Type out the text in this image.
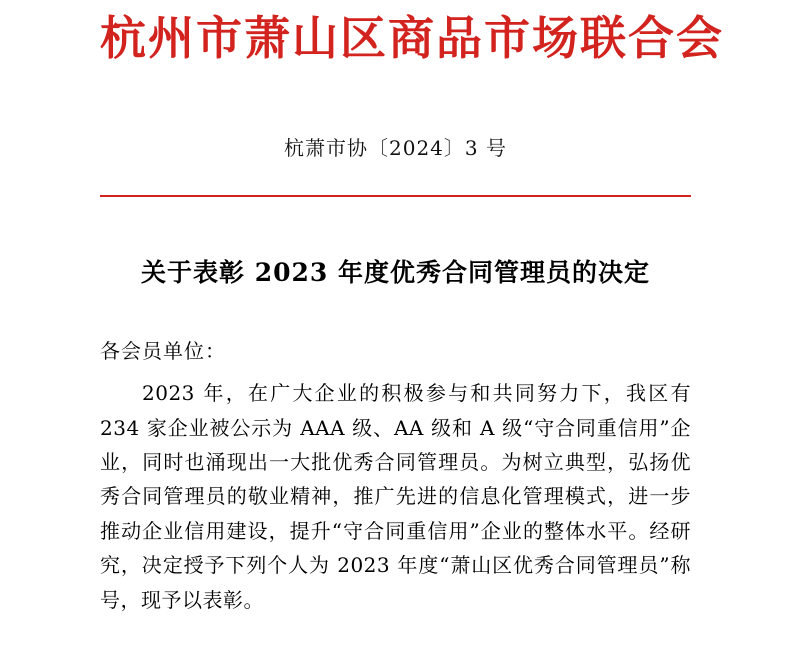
杭州市萧山区商品市场联合会
杭萧市协〔2024〕3 号
关于表彰 2023 年度优秀合同管理员的决定
各会员单位：
2023 年，在广大企业的积极参与和共同努力下，我区有 234 家企业被公示为 AAA 级、AA 级和 A 级“守合同重信用”企业，同时也涌现出一大批优秀合同管理员。为树立典型，弘扬优秀合同管理员的敬业精神，推广先进的信息化管理模式，进一步推动企业信用建设，提升“守合同重信用”企业的整体水平。经研究，决定授予下列个人为 2023 年度“萧山区优秀合同管理员”称号，现予以表彰。
